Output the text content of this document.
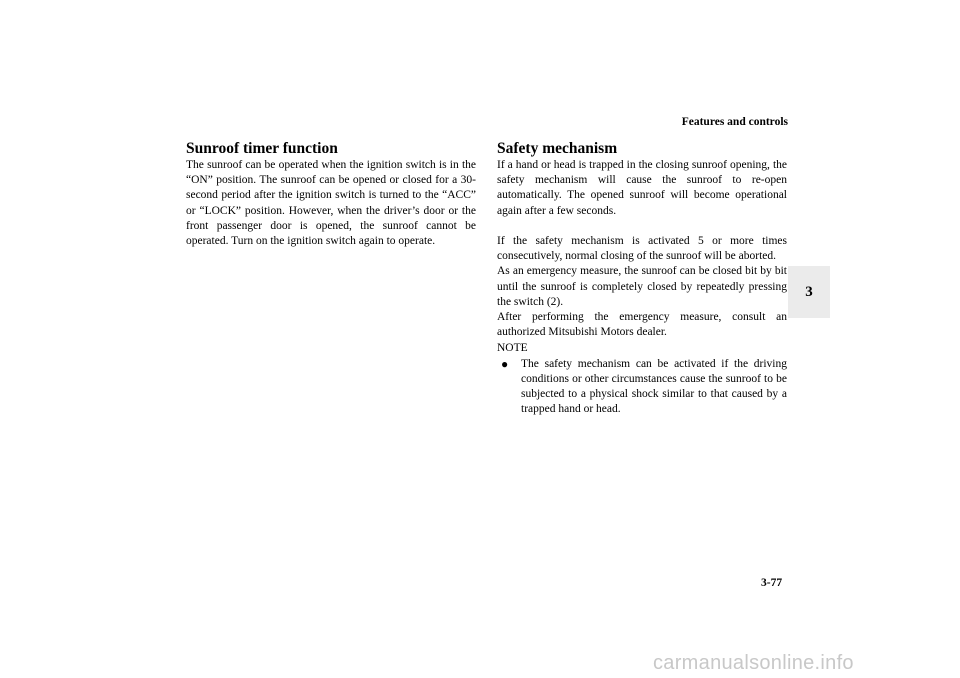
Features and controls
3
Sunroof timer function

The sunroof can be operated when the ignition switch is in the “ON” position. The sunroof can be opened or closed for a 30-second period after the ignition switch is turned to the “ACC” or “LOCK” position. However, when the driver’s door or the front passenger door is opened, the sunroof cannot be operated. Turn on the ignition switch again to operate.

Safety mechanism

If a hand or head is trapped in the closing sunroof opening, the safety mechanism will cause the sunroof to re-open automatically. The opened sunroof will become operational again after a few seconds.

If the safety mechanism is activated 5 or more times consecutively, normal closing of the sunroof will be aborted.

As an emergency measure, the sunroof can be closed bit by bit until the sunroof is completely closed by repeatedly pressing the switch (2).

After performing the emergency measure, consult an authorized Mitsubishi Motors dealer.

NOTE
●	The safety mechanism can be activated if the driving conditions or other circumstances cause the sunroof to be subjected to a physical shock similar to that caused by a trapped hand or head.
3-77
carmanualsonline.info
